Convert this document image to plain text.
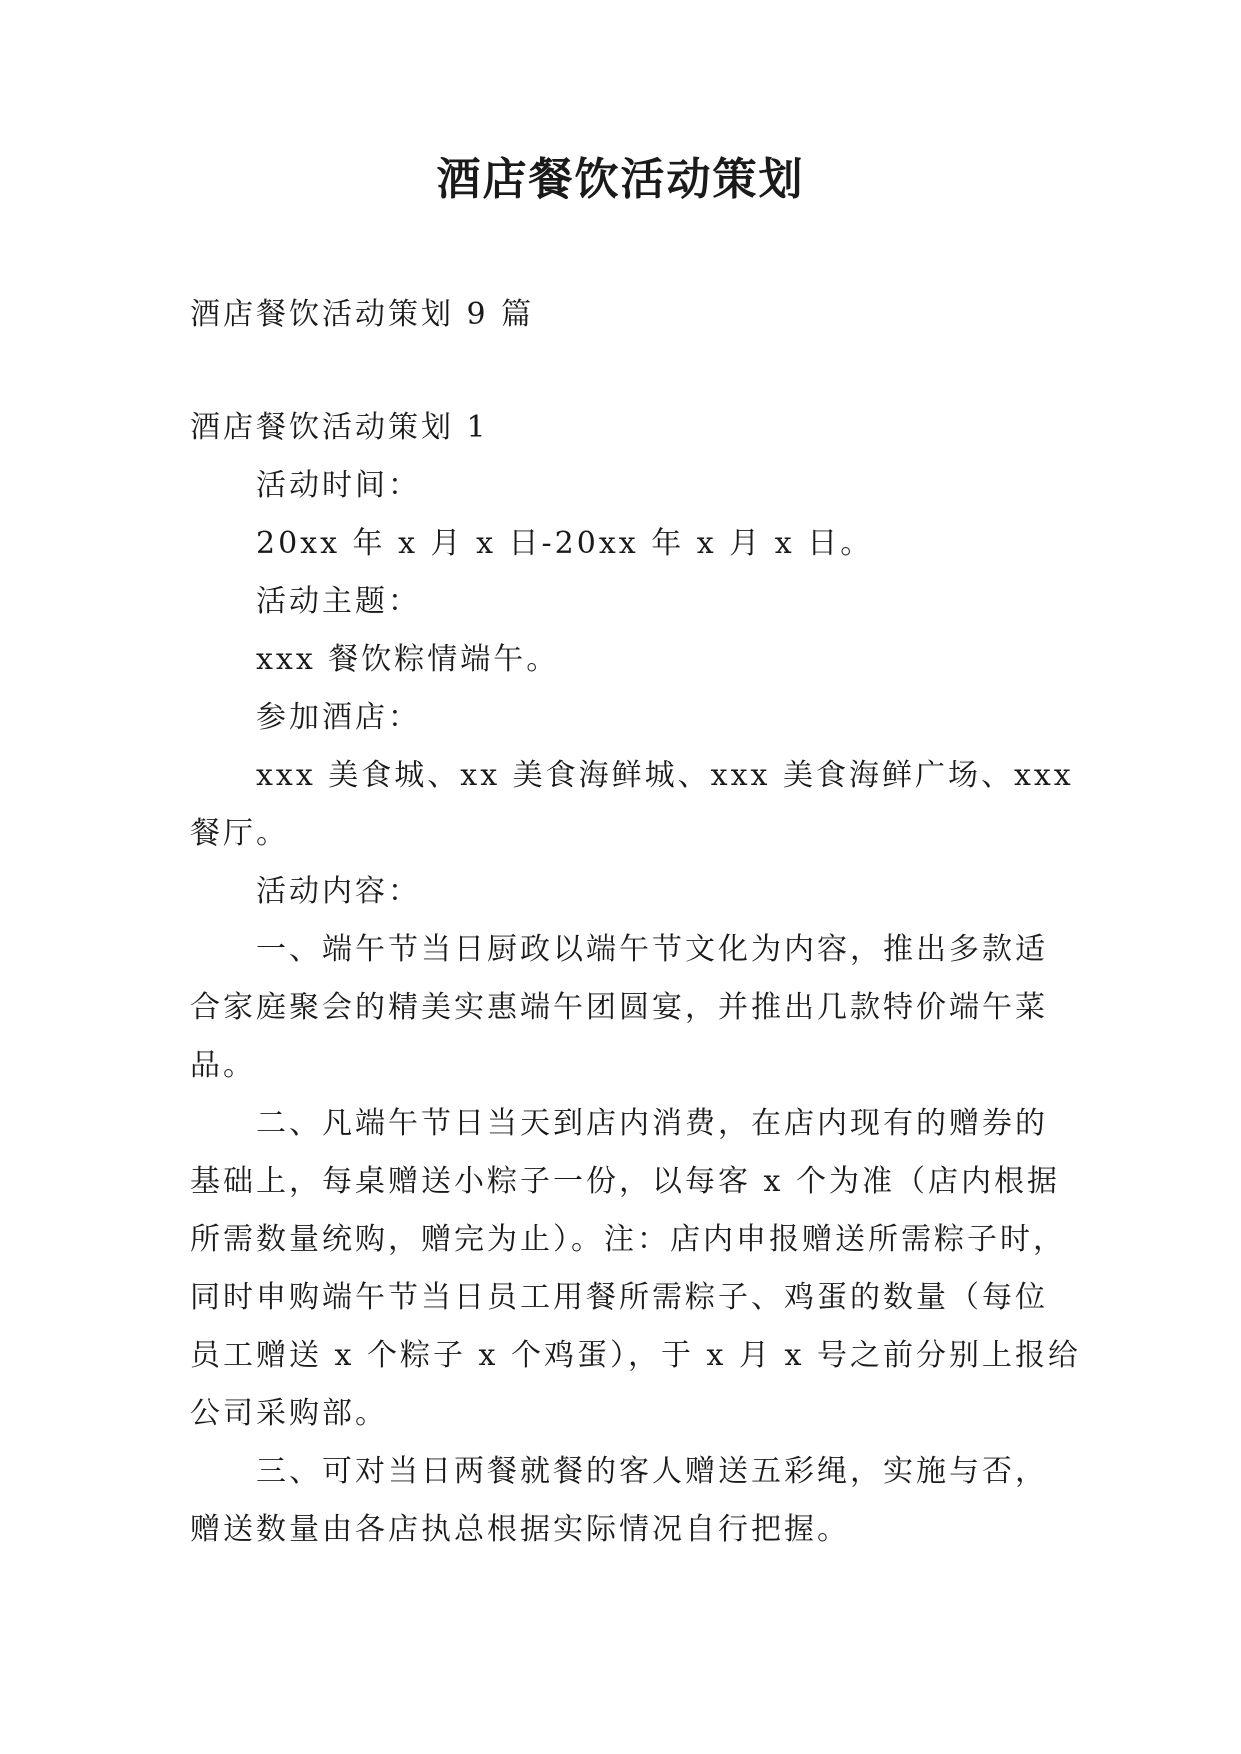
酒店餐饮活动策划
酒店餐饮活动策划 9 篇
酒店餐饮活动策划 1
活动时间：
20xx 年 x 月 x 日-20xx 年 x 月 x 日。
活动主题：
xxx 餐饮粽情端午。
参加酒店：
xxx 美食城、xx 美食海鲜城、xxx 美食海鲜广场、xxx
餐厅。
活动内容：
一、端午节当日厨政以端午节文化为内容，推出多款适
合家庭聚会的精美实惠端午团圆宴，并推出几款特价端午菜
品。
二、凡端午节日当天到店内消费，在店内现有的赠券的
基础上，每桌赠送小粽子一份，以每客 x 个为准（店内根据
所需数量统购，赠完为止）。注：店内申报赠送所需粽子时，
同时申购端午节当日员工用餐所需粽子、鸡蛋的数量（每位
员工赠送 x 个粽子 x 个鸡蛋），于 x 月 x 号之前分别上报给
公司采购部。
三、可对当日两餐就餐的客人赠送五彩绳，实施与否，
赠送数量由各店执总根据实际情况自行把握。
